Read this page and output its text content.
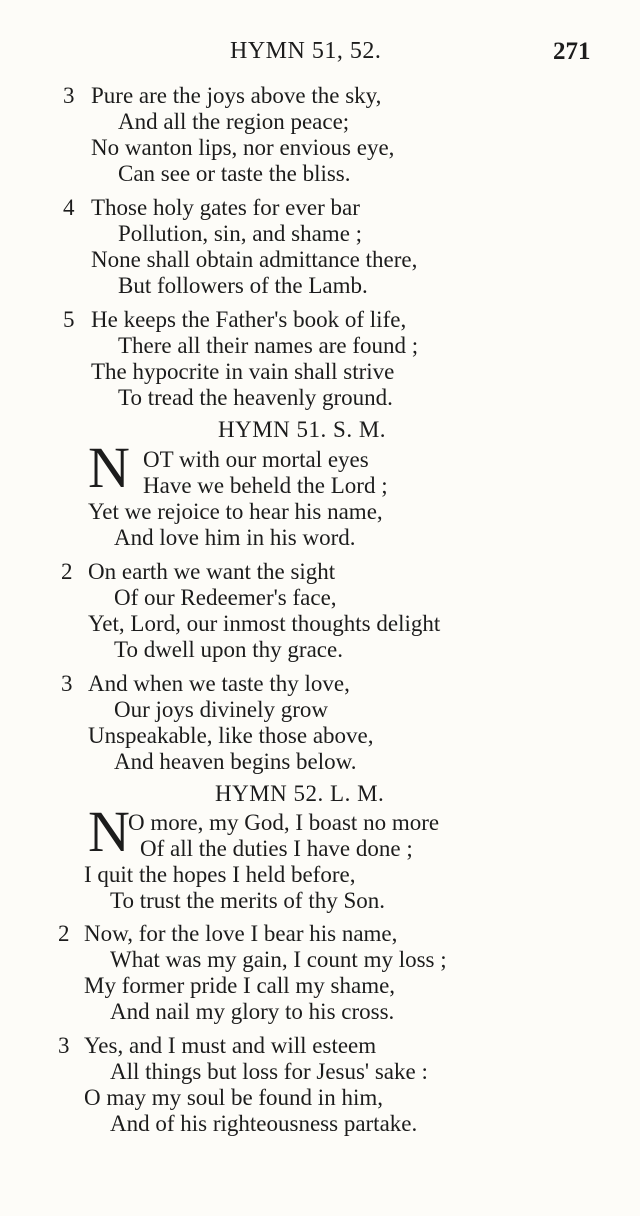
HYMN 51, 52.	271
3 Pure are the joys above the sky,
And all the region peace;
No wanton lips, nor envious eye,
Can see or taste the bliss.
4 Those holy gates for ever bar
Pollution, sin, and shame ;
None shall obtain admittance there,
But followers of the Lamb.
5 He keeps the Father's book of life,
There all their names are found ;
The hypocrite in vain shall strive
To tread the heavenly ground.
HYMN 51. S. M.
N OT with our mortal eyes
Have we beheld the Lord ;
Yet we rejoice to hear his name,
And love him in his word.
2 On earth we want the sight
Of our Redeemer's face,
Yet, Lord, our inmost thoughts delight
To dwell upon thy grace.
3 And when we taste thy love,
Our joys divinely grow
Unspeakable, like those above,
And heaven begins below.
HYMN 52. L. M.
N
O more, my God, I boast no more
Of all the duties I have done ;
I quit the hopes I held before,
To trust the merits of thy Son.
2 Now, for the love I bear his name,
What was my gain, I count my loss ;
My former pride I call my shame,
And nail my glory to his cross.
3 Yes, and I must and will esteem
All things but loss for Jesus' sake :
O may my soul be found in him,
And of his righteousness partake.
